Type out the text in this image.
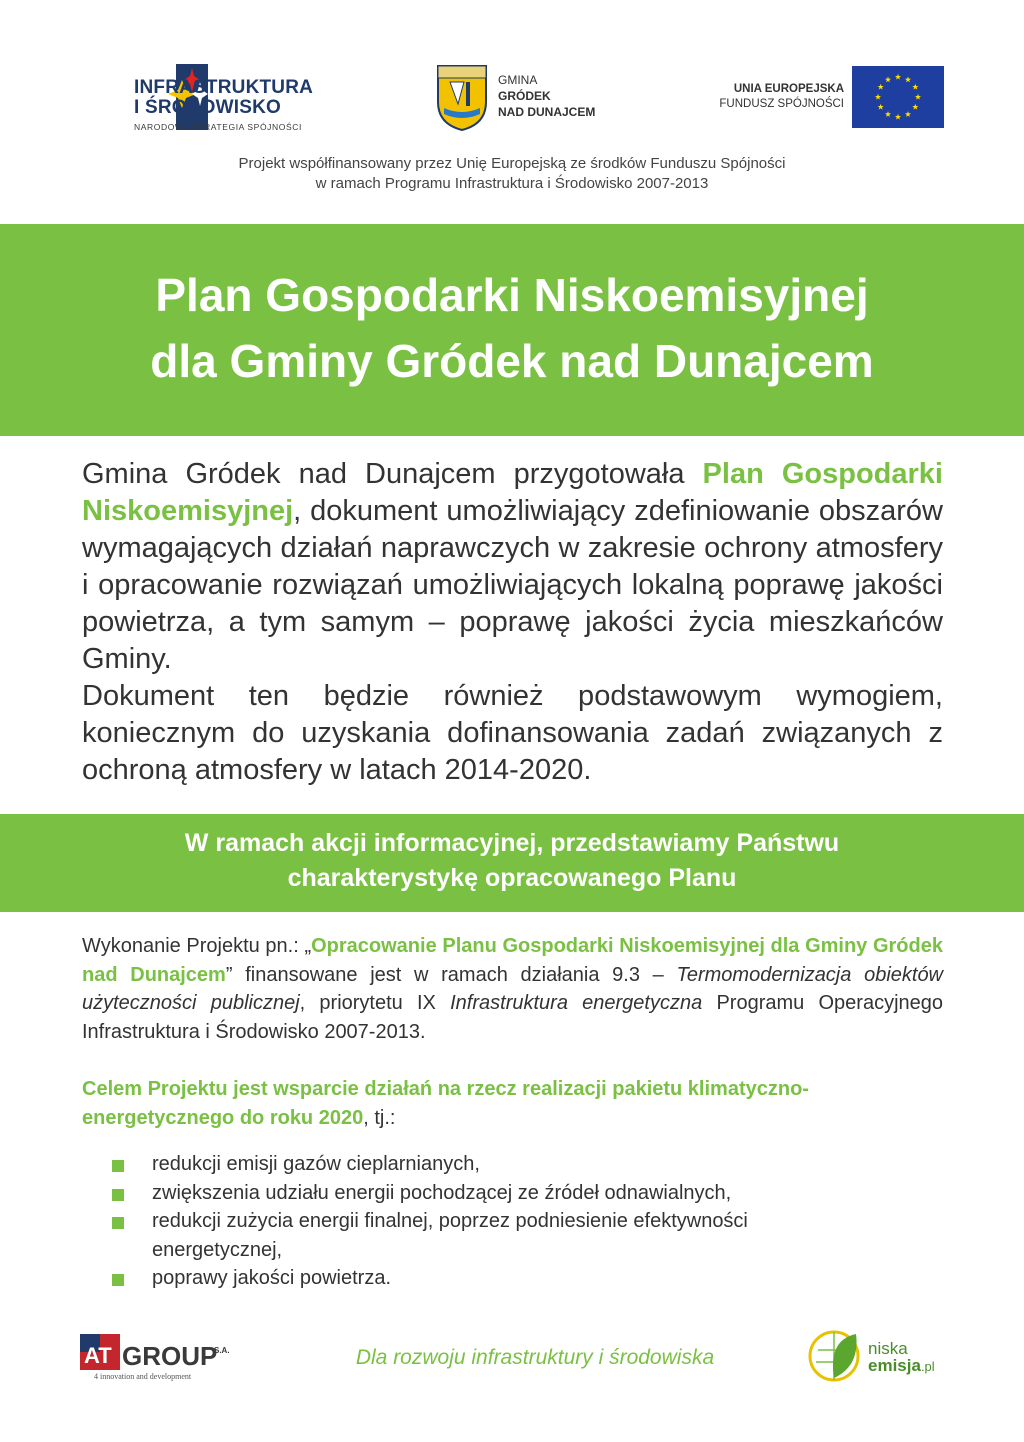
INFRASTRUKTURA
I ŚRODOWISKO
NARODOWA STRATEGIA SPÓJNOŚCI
GMINA
GRÓDEK
NAD DUNAJCEM
UNIA EUROPEJSKA
FUNDUSZ SPÓJNOŚCI
Projekt współfinansowany przez Unię Europejską ze środków Funduszu Spójności
w ramach Programu Infrastruktura i Środowisko 2007-2013
Plan Gospodarki Niskoemisyjnej
dla Gminy Gródek nad Dunajcem
Gmina Gródek nad Dunajcem przygotowała Plan Gospodarki Niskoemisyjnej, dokument umożliwiający zdefiniowanie obszarów wymagających działań naprawczych w zakresie ochrony atmosfery i opracowanie rozwiązań umożliwiających lokalną poprawę jakości powietrza, a tym samym – poprawę jakości życia mieszkańców Gminy.
Dokument ten będzie również podstawowym wymogiem, koniecznym do uzyskania dofinansowania zadań związanych z ochroną atmosfery w latach 2014-2020.
W ramach akcji informacyjnej, przedstawiamy Państwu
charakterystykę opracowanego Planu
Wykonanie Projektu pn.: „Opracowanie Planu Gospodarki Niskoemisyjnej dla Gminy Gródek nad Dunajcem” finansowane jest w ramach działania 9.3 – Termomodernizacja obiektów użyteczności publicznej, priorytetu IX Infrastruktura energetyczna Programu Operacyjnego Infrastruktura i Środowisko 2007-2013.
Celem Projektu jest wsparcie działań na rzecz realizacji pakietu klimatyczno-energetycznego do roku 2020, tj.:
redukcji emisji gazów cieplarnianych,
zwiększenia udziału energii pochodzącej ze źródeł odnawialnych,
redukcji zużycia energii finalnej, poprzez podniesienie efektywności energetycznej,
poprawy jakości powietrza.
AT GROUP
S.A.
4 innovation and development
Dla rozwoju infrastruktury i środowiska	niska
emisja.pl
